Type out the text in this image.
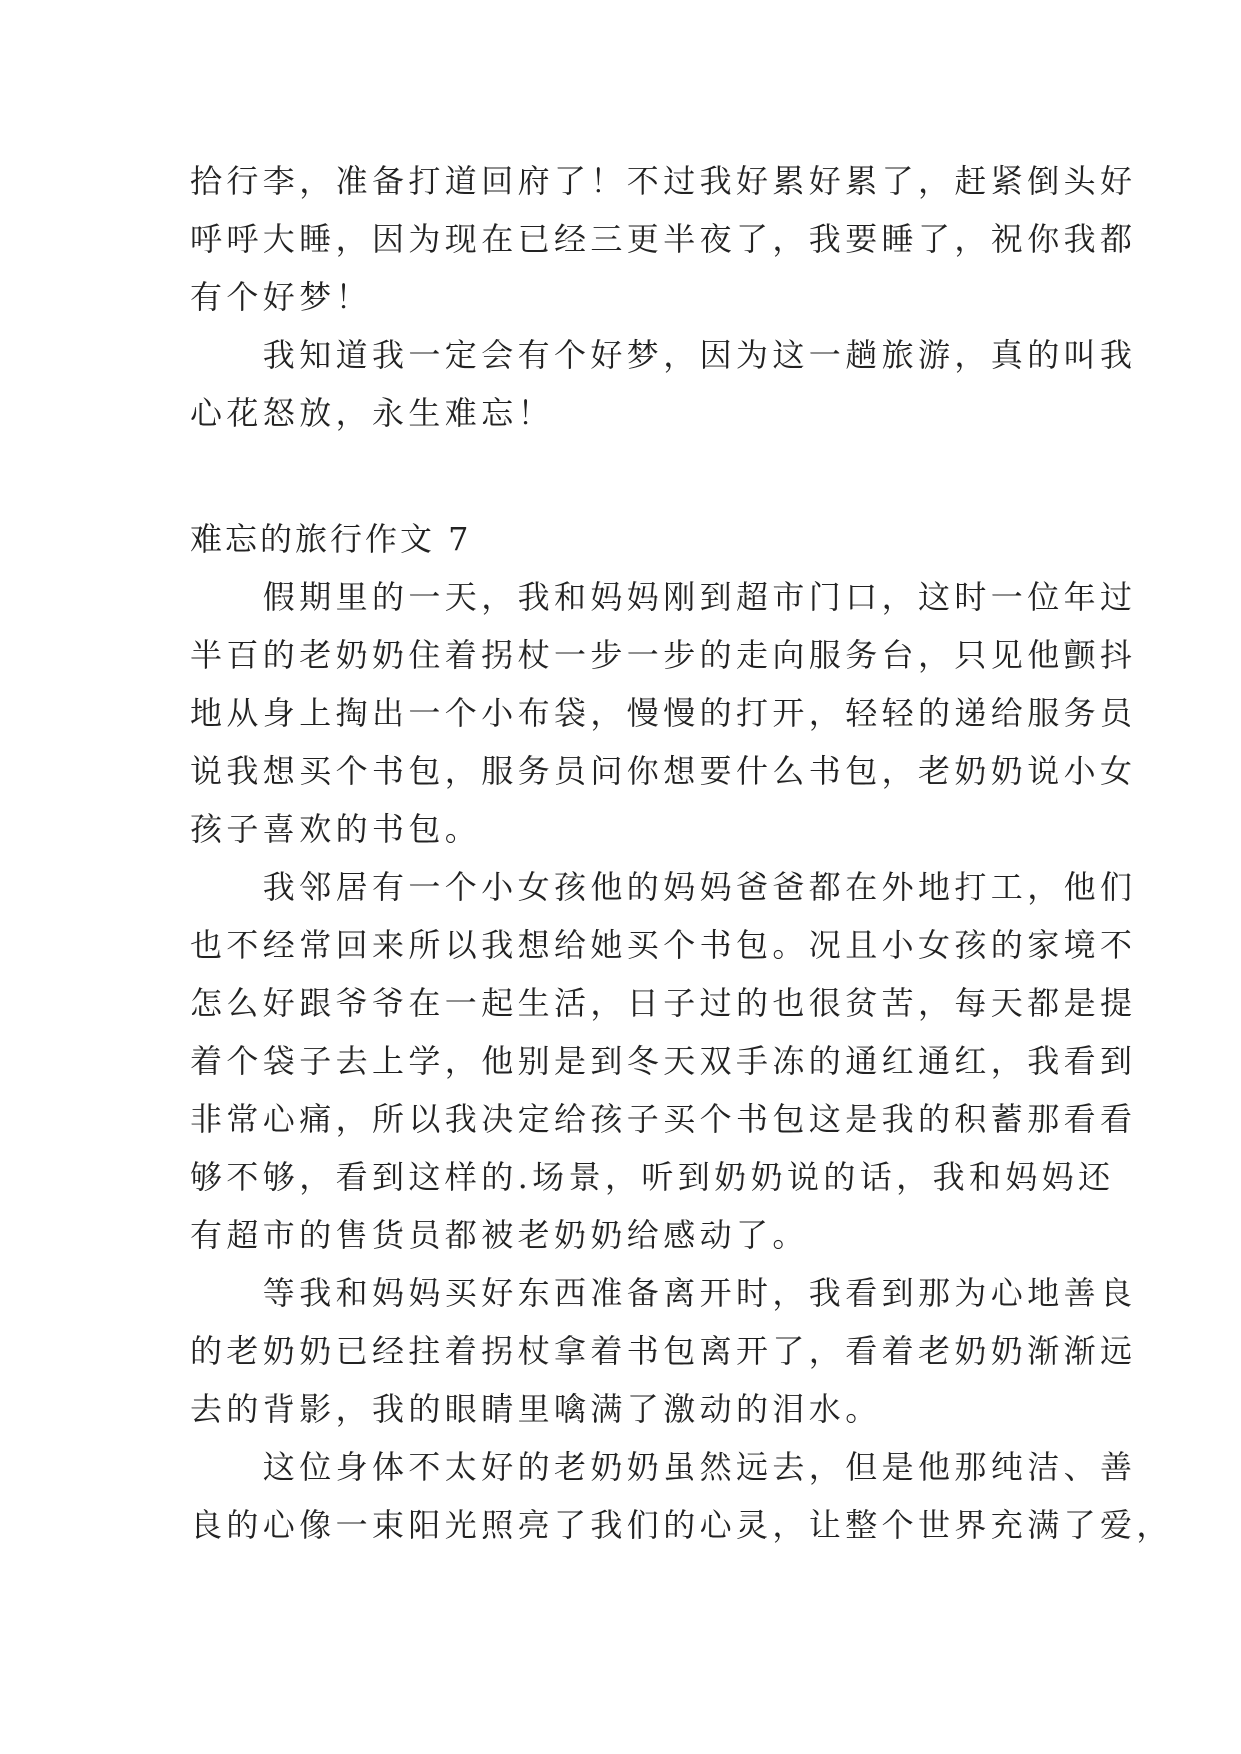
拾行李，准备打道回府了！不过我好累好累了，赶紧倒头好
呼呼大睡，因为现在已经三更半夜了，我要睡了，祝你我都
有个好梦！
　　我知道我一定会有个好梦，因为这一趟旅游，真的叫我
心花怒放，永生难忘！
难忘的旅行作文 7
　　假期里的一天，我和妈妈刚到超市门口，这时一位年过
半百的老奶奶住着拐杖一步一步的走向服务台，只见他颤抖
地从身上掏出一个小布袋，慢慢的打开，轻轻的递给服务员
说我想买个书包，服务员问你想要什么书包，老奶奶说小女
孩子喜欢的书包。
　　我邻居有一个小女孩他的妈妈爸爸都在外地打工，他们
也不经常回来所以我想给她买个书包。况且小女孩的家境不
怎么好跟爷爷在一起生活，日子过的也很贫苦，每天都是提
着个袋子去上学，他别是到冬天双手冻的通红通红，我看到
非常心痛，所以我决定给孩子买个书包这是我的积蓄那看看
够不够，看到这样的.场景，听到奶奶说的话，我和妈妈还
有超市的售货员都被老奶奶给感动了。
　　等我和妈妈买好东西准备离开时，我看到那为心地善良
的老奶奶已经拄着拐杖拿着书包离开了，看着老奶奶渐渐远
去的背影，我的眼睛里噙满了激动的泪水。
　　这位身体不太好的老奶奶虽然远去，但是他那纯洁、善
良的心像一束阳光照亮了我们的心灵，让整个世界充满了爱，
